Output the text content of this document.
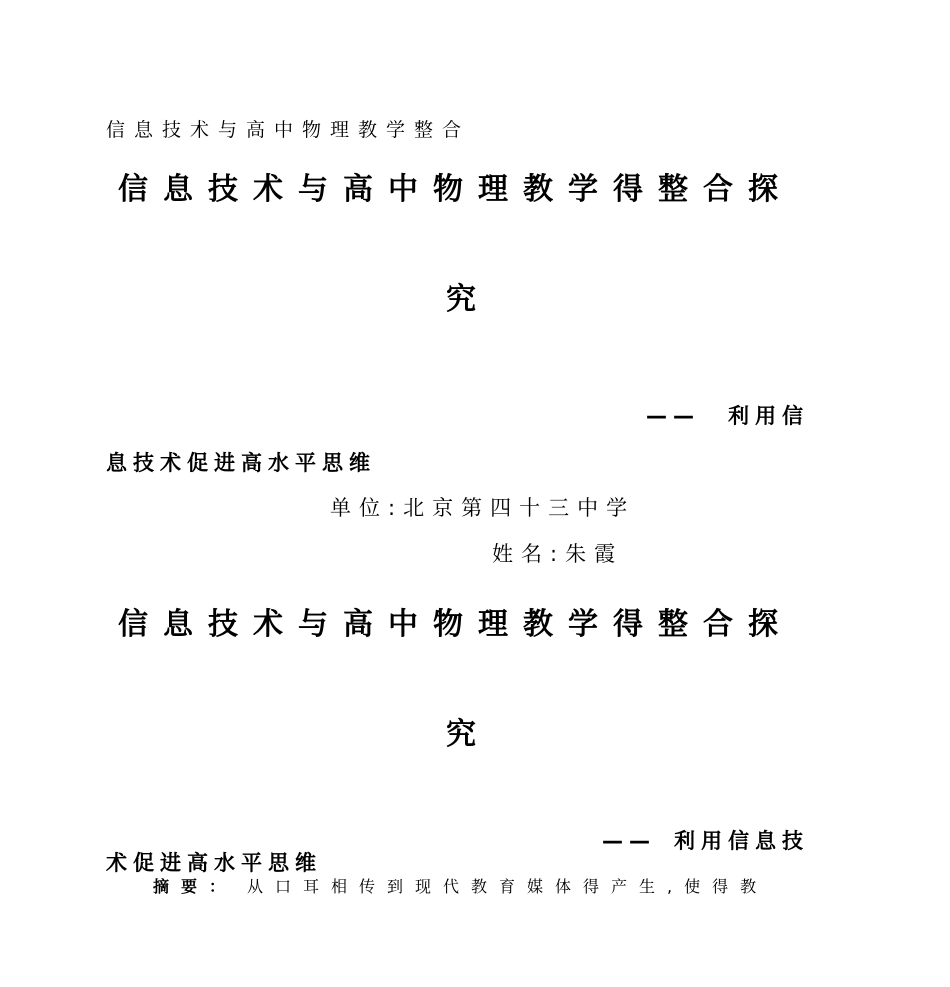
信息技术与高中物理教学整合
信息技术与高中物理教学得整合探
究
—— 利用信
息技术促进高水平思维
单位:北京第四十三中学
姓名:朱霞
信息技术与高中物理教学得整合探
究
—— 利用信息技
术促进高水平思维
摘要： 从口耳相传到现代教育媒体得产生,使得教
